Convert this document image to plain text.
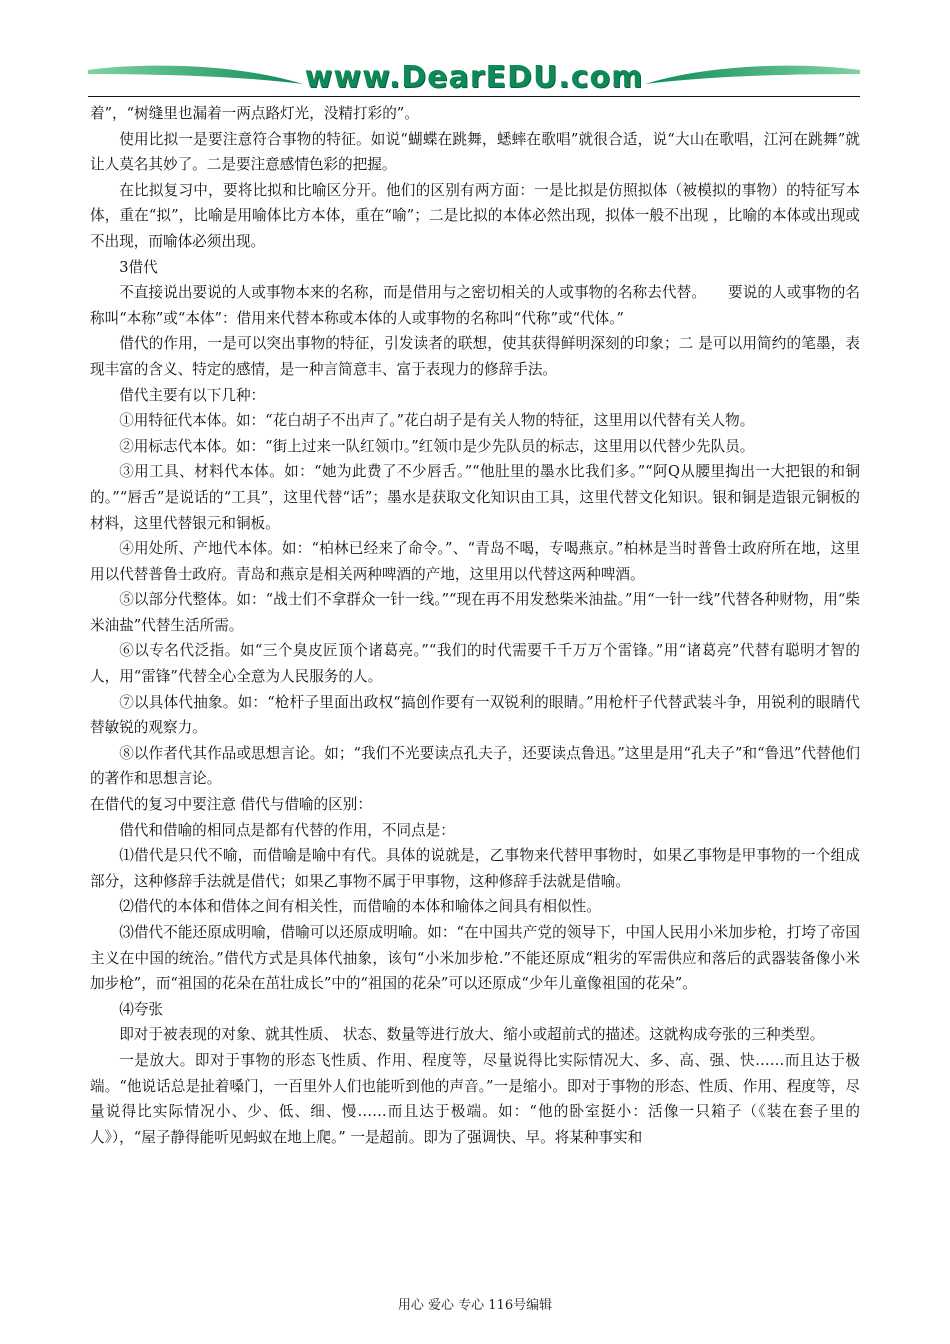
www.DearEDU.com

着”，“树缝里也漏着一两点路灯光，没精打彩的”。

使用比拟一是要注意符合事物的特征。如说“蝴蝶在跳舞，蟋蟀在歌唱”就很合适，说“大山在歌唱，江河在跳舞”就让人莫名其妙了。二是要注意感情色彩的把握。

在比拟复习中，要将比拟和比喻区分开。他们的区别有两方面：一是比拟是仿照拟体（被模拟的事物）的特征写本体，重在“拟”，比喻是用喻体比方本体，重在“喻”；二是比拟的本体必然出现，拟体一般不出现 ，比喻的本体或出现或不出现，而喻体必须出现。

3借代

不直接说出要说的人或事物本来的名称，而是借用与之密切相关的人或事物的名称去代替。　　要说的人或事物的名称叫“本称”或“本体”：借用来代替本称或本体的人或事物的名称叫“代称”或“代体。”

借代的作用，一是可以突出事物的特征，引发读者的联想，使其获得鲜明深刻的印象；二 是可以用简约的笔墨，表现丰富的含义、特定的感情，是一种言简意丰、富于表现力的修辞手法。

借代主要有以下几种：

①用特征代本体。如：“花白胡子不出声了。”花白胡子是有关人物的特征，这里用以代替有关人物。

②用标志代本体。如：“街上过来一队红领巾。”红领巾是少先队员的标志，这里用以代替少先队员。

③用工具、材料代本体。如：“她为此费了不少唇舌。”“他肚里的墨水比我们多。”“阿Q从腰里掏出一大把银的和铜的。”“唇舌”是说话的“工具”，这里代替“话”；墨水是获取文化知识由工具，这里代替文化知识。银和铜是造银元铜板的材料，这里代替银元和铜板。

④用处所、产地代本体。如：“柏林已经来了命令。”、“青岛不喝，专喝燕京。”柏林是当时普鲁士政府所在地，这里用以代替普鲁士政府。青岛和燕京是相关两种啤酒的产地，这里用以代替这两种啤酒。

⑤以部分代整体。如：“战士们不拿群众一针一线。”“现在再不用发愁柴米油盐。”用“一针一线”代替各种财物，用“柴米油盐”代替生活所需。

⑥以专名代泛指。如“三个臭皮匠顶个诸葛亮。”“我们的时代需要千千万万个雷锋。”用“诸葛亮”代替有聪明才智的人，用“雷锋”代替全心全意为人民服务的人。

⑦以具体代抽象。如：“枪杆子里面出政权“搞创作要有一双锐利的眼睛。”用枪杆子代替武装斗争，用锐利的眼睛代替敏锐的观察力。

⑧以作者代其作品或思想言论。如；“我们不光要读点孔夫子，还要读点鲁迅。”这里是用“孔夫子”和“鲁迅”代替他们的著作和思想言论。

在借代的复习中要注意 借代与借喻的区别：

借代和借喻的相同点是都有代替的作用，不同点是：

⑴借代是只代不喻，而借喻是喻中有代。具体的说就是，乙事物来代替甲事物时，如果乙事物是甲事物的一个组成部分，这种修辞手法就是借代；如果乙事物不属于甲事物，这种修辞手法就是借喻。

⑵借代的本体和借体之间有相关性，而借喻的本体和喻体之间具有相似性。

⑶借代不能还原成明喻，借喻可以还原成明喻。如：“在中国共产党的领导下，中国人民用小米加步枪，打垮了帝国主义在中国的统治。”借代方式是具体代抽象，该句“小米加步枪.”不能还原成“粗劣的军需供应和落后的武器装备像小米加步枪”，而“祖国的花朵在茁壮成长”中的“祖国的花朵”可以还原成“少年儿童像祖国的花朵”。

⑷夸张

即对于被表现的对象、就其性质、 状态、数量等进行放大、缩小或超前式的描述。这就构成夸张的三种类型。

一是放大。即对于事物的形态飞性质、作用、程度等，尽量说得比实际情况大、多、高、强、快……而且达于极端。“他说话总是扯着嗓门，一百里外人们也能听到他的声音。”一是缩小。即对于事物的形态、性质、作用、程度等，尽量说得比实际情况小、少、低、细、慢……而且达于极端。如：“他的卧室挺小：活像一只箱子（《装在套子里的人》），“屋子静得能听见蚂蚁在地上爬。” 一是超前。即为了强调快、早。将某种事实和

用心 爱心 专心 116号编辑
